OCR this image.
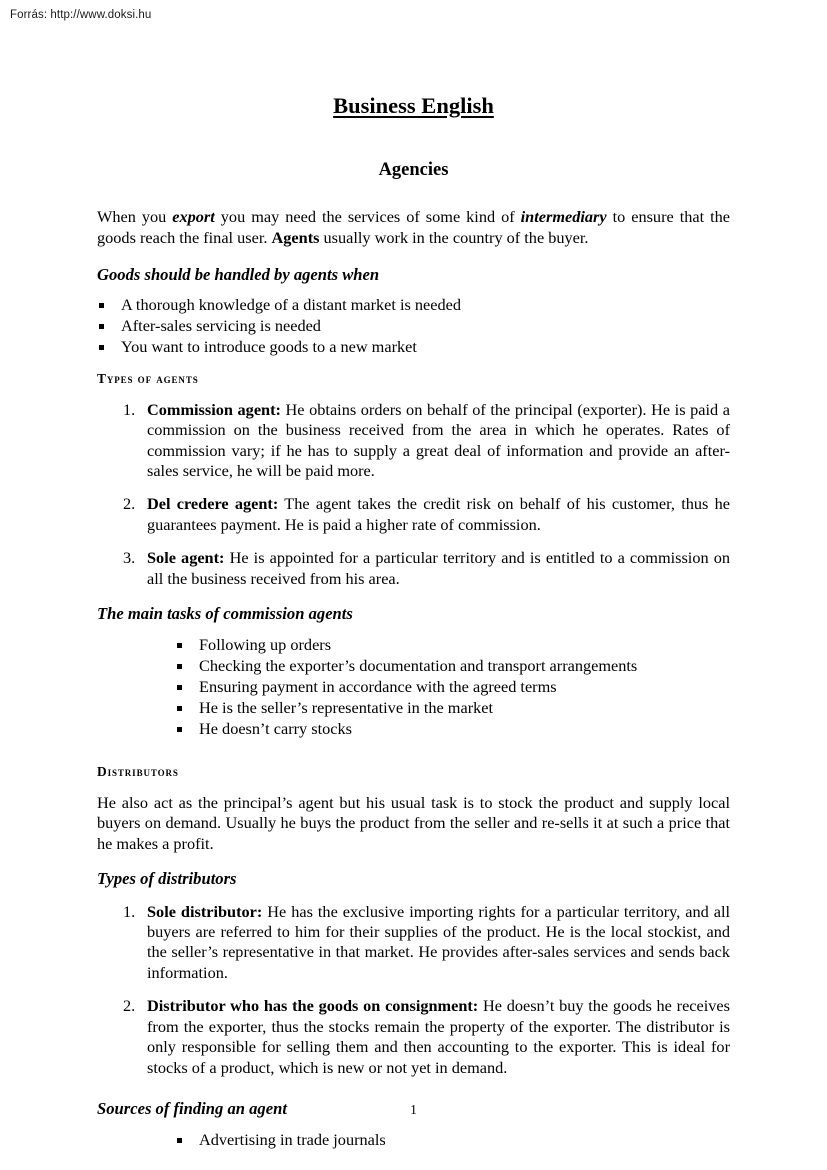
Forrás: http://www.doksi.hu
Business English
Agencies

When you export you may need the services of some kind of intermediary to ensure that the goods reach the final user. Agents usually work in the country of the buyer.

Goods should be handled by agents when
A thorough knowledge of a distant market is needed
After-sales servicing is needed
You want to introduce goods to a new market
Types of agents
1. Commission agent: He obtains orders on behalf of the principal (exporter). He is paid a commission on the business received from the area in which he operates. Rates of commission vary; if he has to supply a great deal of information and provide an after-sales service, he will be paid more.
2. Del credere agent: The agent takes the credit risk on behalf of his customer, thus he guarantees payment. He is paid a higher rate of commission.
3. Sole agent: He is appointed for a particular territory and is entitled to a commission on all the business received from his area.
The main tasks of commission agents
Following up orders
Checking the exporter’s documentation and transport arrangements
Ensuring payment in accordance with the agreed terms
He is the seller’s representative in the market
He doesn’t carry stocks
Distributors

He also act as the principal’s agent but his usual task is to stock the product and supply local buyers on demand. Usually he buys the product from the seller and re-sells it at such a price that he makes a profit.

Types of distributors
1. Sole distributor: He has the exclusive importing rights for a particular territory, and all buyers are referred to him for their supplies of the product. He is the local stockist, and the seller’s representative in that market. He provides after-sales services and sends back information.
2. Distributor who has the goods on consignment: He doesn’t buy the goods he receives from the exporter, thus the stocks remain the property of the exporter. The distributor is only responsible for selling them and then accounting to the exporter. This is ideal for stocks of a product, which is new or not yet in demand.
Sources of finding an agent
Advertising in trade journals
1
